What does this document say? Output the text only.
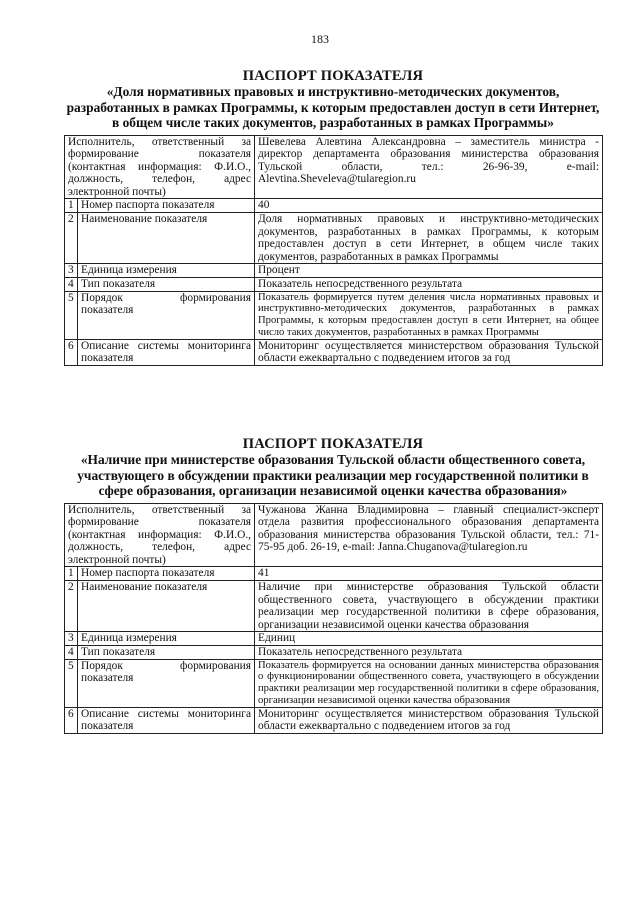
183
ПАСПОРТ ПОКАЗАТЕЛЯ
«Доля нормативных правовых и инструктивно-методических документов, разработанных в рамках Программы, к которым предоставлен доступ в сети Интернет, в общем числе таких документов, разработанных в рамках Программы»
Исполнитель, ответственный за формирование показателя (контактная информация: Ф.И.О., должность, телефон, адрес электронной почты)		Шевелева Алевтина Александровна – заместитель министра - директор департамента образования министерства образования Тульской области, тел.: 26-96-39, e-mail: Alevtina.Sheveleva@tularegion.ru
1	Номер паспорта показателя	40
2	Наименование показателя	Доля нормативных правовых и инструктивно-методических документов, разработанных в рамках Программы, к которым предоставлен доступ в сети Интернет, в общем числе таких документов, разработанных в рамках Программы
3	Единица измерения	Процент
4	Тип показателя	Показатель непосредственного результата
5	Порядок формирования показателя	Показатель формируется путем деления числа нормативных правовых и инструктивно-методических документов, разработанных в рамках Программы, к которым предоставлен доступ в сети Интернет, на общее число таких документов, разработанных в рамках Программы
6	Описание системы мониторинга показателя	Мониторинг осуществляется министерством образования Тульской области ежеквартально с подведением итогов за год
ПАСПОРТ ПОКАЗАТЕЛЯ
«Наличие при министерстве образования Тульской области общественного совета, участвующего в обсуждении практики реализации мер государственной политики в сфере образования, организации независимой оценки качества образования»
Исполнитель, ответственный за формирование показателя (контактная информация: Ф.И.О., должность, телефон, адрес электронной почты)		Чужанова Жанна Владимировна – главный специалист-эксперт отдела развития профессионального образования департамента образования министерства образования Тульской области, тел.: 71-75-95 доб. 26-19, e-mail: Janna.Chuganova@tularegion.ru
1	Номер паспорта показателя	41
2	Наименование показателя	Наличие при министерстве образования Тульской области общественного совета, участвующего в обсуждении практики реализации мер государственной политики в сфере образования, организации независимой оценки качества образования
3	Единица измерения	Единиц
4	Тип показателя	Показатель непосредственного результата
5	Порядок формирования показателя	Показатель формируется на основании данных министерства образования о функционировании общественного совета, участвующего в обсуждении практики реализации мер государственной политики в сфере образования, организации независимой оценки качества образования
6	Описание системы мониторинга показателя	Мониторинг осуществляется министерством образования Тульской области ежеквартально с подведением итогов за год
